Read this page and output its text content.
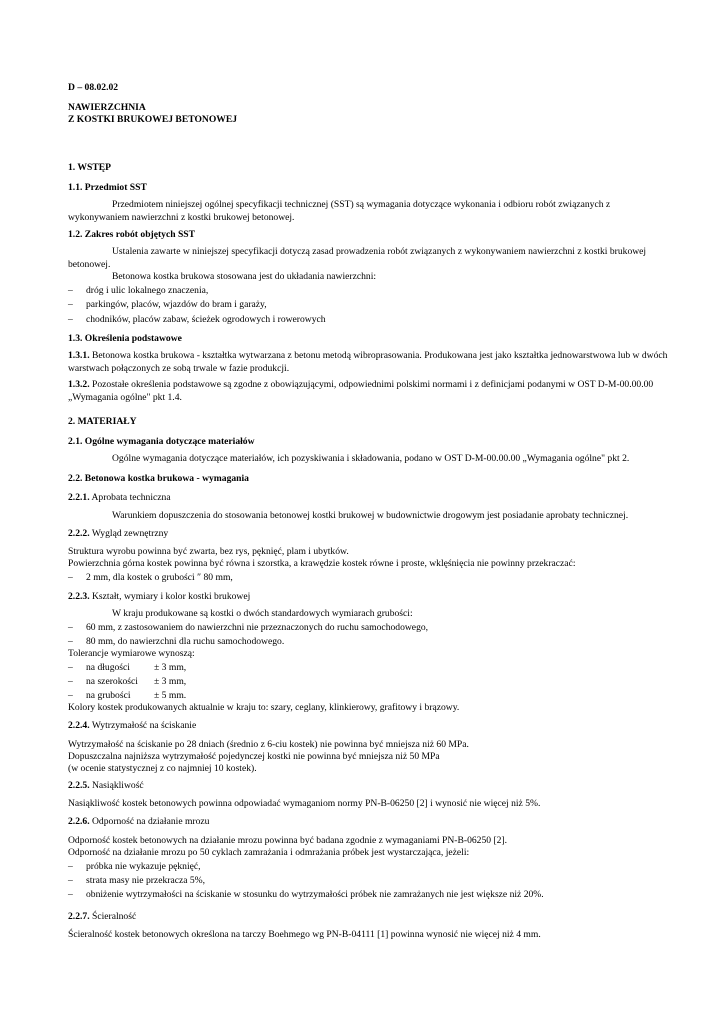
D – 08.02.02
NAWIERZCHNIA
Z KOSTKI BRUKOWEJ BETONOWEJ
1. WSTĘP
1.1. Przedmiot SST
Przedmiotem niniejszej ogólnej specyfikacji technicznej (SST) są wymagania dotyczące wykonania i odbioru robót związanych z wykonywaniem nawierzchni z kostki brukowej betonowej.
1.2. Zakres robót objętych SST
Ustalenia zawarte w niniejszej specyfikacji dotyczą zasad prowadzenia robót związanych z wykonywaniem nawierzchni z kostki brukowej betonowej.
Betonowa kostka brukowa stosowana jest do układania nawierzchni:
– dróg i ulic lokalnego znaczenia,
– parkingów, placów, wjazdów do bram i garaży,
– chodników, placów zabaw, ścieżek ogrodowych i rowerowych
1.3. Określenia podstawowe
1.3.1. Betonowa kostka brukowa - kształtka wytwarzana z betonu metodą wibroprasowania. Produkowana jest jako kształtka jednowarstwowa lub w dwóch warstwach połączonych ze sobą trwale w fazie produkcji.
1.3.2. Pozostałe określenia podstawowe są zgodne z obowiązującymi, odpowiednimi polskimi normami i z definicjami podanymi w OST D-M-00.00.00 „Wymagania ogólne" pkt 1.4.
2. MATERIAŁY
2.1. Ogólne wymagania dotyczące materiałów
Ogólne wymagania dotyczące materiałów, ich pozyskiwania i składowania, podano w OST D-M-00.00.00 „Wymagania ogólne" pkt 2.
2.2. Betonowa kostka brukowa - wymagania
2.2.1. Aprobata techniczna
Warunkiem dopuszczenia do stosowania betonowej kostki brukowej w budownictwie drogowym jest posiadanie aprobaty technicznej.
2.2.2. Wygląd zewnętrzny
Struktura wyrobu powinna być zwarta, bez rys, pęknięć, plam i ubytków.
Powierzchnia górna kostek powinna być równa i szorstka, a krawędzie kostek równe i proste, wklęśnięcia nie powinny przekraczać:
– 2 mm, dla kostek o grubości ″ 80 mm,
2.2.3. Kształt, wymiary i kolor kostki brukowej
W kraju produkowane są kostki o dwóch standardowych wymiarach grubości:
– 60 mm, z zastosowaniem do nawierzchni nie przeznaczonych do ruchu samochodowego,
– 80 mm, do nawierzchni dla ruchu samochodowego.
Tolerancje wymiarowe wynoszą:
– na długości	± 3 mm,
– na szerokości ± 3 mm,
– na grubości ± 5 mm.
Kolory kostek produkowanych aktualnie w kraju to: szary, ceglany, klinkierowy, grafitowy i brązowy.
2.2.4. Wytrzymałość na ściskanie
Wytrzymałość na ściskanie po 28 dniach (średnio z 6-ciu kostek) nie powinna być mniejsza niż 60 MPa.
Dopuszczalna najniższa wytrzymałość pojedynczej kostki nie powinna być mniejsza niż 50 MPa
(w ocenie statystycznej z co najmniej 10 kostek).
2.2.5. Nasiąkliwość
Nasiąkliwość kostek betonowych powinna odpowiadać wymaganiom normy PN-B-06250 [2] i wynosić nie więcej niż 5%.
2.2.6. Odporność na działanie mrozu
Odporność kostek betonowych na działanie mrozu powinna być badana zgodnie z wymaganiami PN-B-06250 [2].
Odporność na działanie mrozu po 50 cyklach zamrażania i odmrażania próbek jest wystarczająca, jeżeli:
– próbka nie wykazuje pęknięć,
– strata masy nie przekracza 5%,
– obniżenie wytrzymałości na ściskanie w stosunku do wytrzymałości próbek nie zamrażanych nie jest większe niż 20%.
2.2.7. Ścieralność
Ścieralność kostek betonowych określona na tarczy Boehmego wg PN-B-04111 [1] powinna wynosić nie więcej niż 4 mm.
